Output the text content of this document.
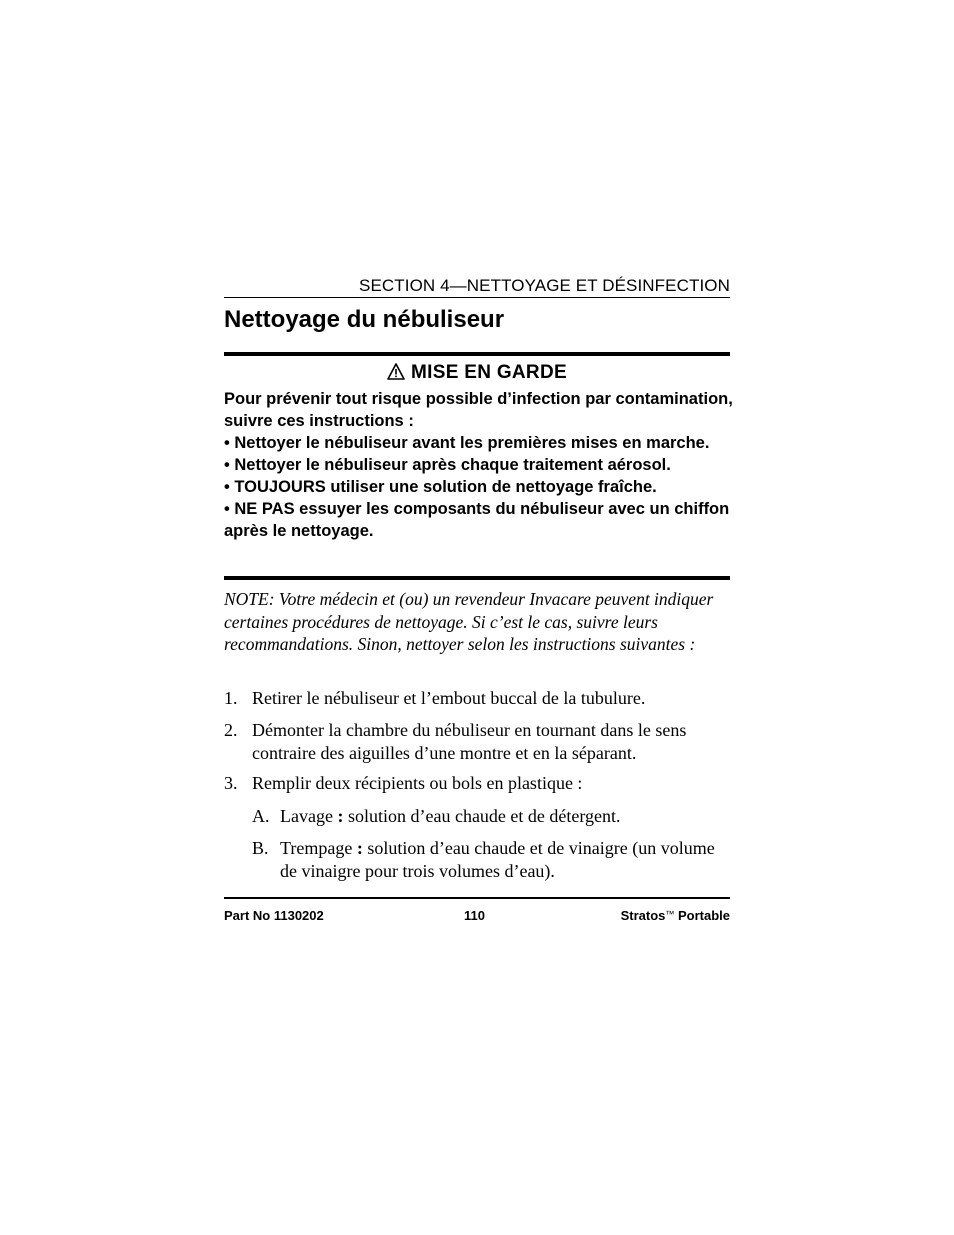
SECTION 4—NETTOYAGE ET DÉSINFECTION
Nettoyage du nébuliseur
MISE EN GARDE

Pour prévenir tout risque possible d’infection par contamination, suivre ces instructions :

• Nettoyer le nébuliseur avant les premières mises en marche.

• Nettoyer le nébuliseur après chaque traitement aérosol.

• TOUJOURS utiliser une solution de nettoyage fraîche.

• NE PAS essuyer les composants du nébuliseur avec un chiffon après le nettoyage.

NOTE: Votre médecin et (ou) un revendeur Invacare peuvent indiquer certaines procédures de nettoyage. Si c’est le cas, suivre leurs recommandations. Sinon, nettoyer selon les instructions suivantes :
1. Retirer le nébuliseur et l’embout buccal de la tubulure.
2. Démonter la chambre du nébuliseur en tournant dans le sens contraire des aiguilles d’une montre et en la séparant.
3. Remplir deux récipients ou bols en plastique :
A. Lavage : solution d’eau chaude et de détergent.
B. Trempage : solution d’eau chaude et de vinaigre (un volume de vinaigre pour trois volumes d’eau).
Part No 1130202	110	Stratos™ Portable
